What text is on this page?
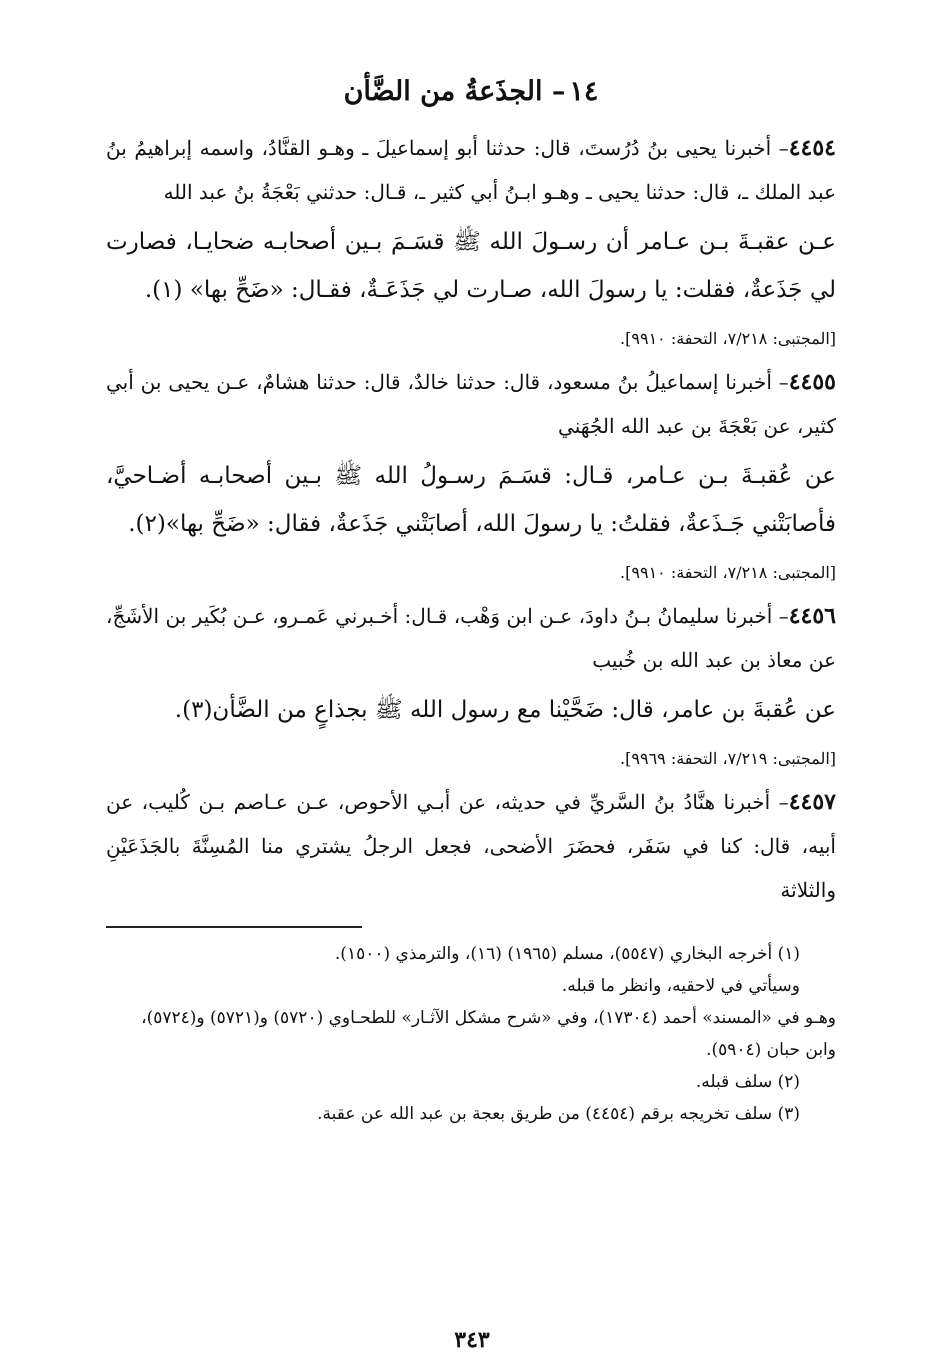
١٤– الجذَعةُ من الضَّأن

٤٤٥٤– أخبرنا يحيى بنُ دُرُستَ، قال: حدثنا أبو إسماعيلَ ـ وهـو القنَّادُ، واسمه إبراهيمُ بنُ عبد الملك ـ، قال: حدثنا يحيى ـ وهـو ابـنُ أبي كثير ـ، قـال: حدثني بَعْجَةُ بنُ عبد الله

عـن عقبـةَ بـن عـامر أن رسـولَ الله ﷺ قسَـمَ بـين أصحابـه ضحايـا، فصارت لي جَذَعةٌ، فقلت: يا رسولَ الله، صـارت لي جَذَعَـةٌ، فقـال: «ضَحِّ بها» (١).

[المجتبى: ٧/٢١٨، التحفة: ٩٩١٠].

٤٤٥٥– أخبرنا إسماعيلُ بنُ مسعود، قال: حدثنا خالدٌ، قال: حدثنا هشامٌ، عـن يحيى بن أبي كثير، عن بَعْجَةَ بن عبد الله الجُهَني

عن عُقبـةَ بـن عـامر، قـال: قسَـمَ رسـولُ الله ﷺ بـين أصحابـه أضـاحيَّ، فأصابَتْني جَـذَعةٌ، فقلتُ: يا رسولَ الله، أصابَتْني جَذَعةٌ، فقال: «ضَحِّ بها»(٢).

[المجتبى: ٧/٢١٨، التحفة: ٩٩١٠].

٤٤٥٦– أخبرنا سليمانُ بـنُ داودَ، عـن ابن وَهْب، قـال: أخـبرني عَمـرو، عـن بُكَير بن الأشَجِّ، عن معاذ بن عبد الله بن خُبيب

عن عُقبةَ بن عامر، قال: ضَحَّيْنا مع رسول الله ﷺ بجذاعٍ من الضَّأن(٣).

[المجتبى: ٧/٢١٩، التحفة: ٩٩٦٩].

٤٤٥٧– أخبرنا هنَّادُ بنُ السَّريِّ في حديثه، عن أبـي الأحوص، عـن عـاصم بـن كُليب، عن أبيه، قال: كنا في سَفَر، فحضَرَ الأضحى، فجعل الرجلُ يشتري منا المُسِنَّةَ بالجَذَعَيْنِ والثلاثة

(١) أخرجه البخاري (٥٥٤٧)، مسلم (١٩٦٥) (١٦)، والترمذي (١٥٠٠).
وسيأتي في لاحقيه، وانظر ما قبله.
وهـو في «المسند» أحمد (١٧٣٠٤)، وفي «شرح مشكل الآثـار» للطحـاوي (٥٧٢٠) و(٥٧٢١) و(٥٧٢٤)، وابن حبان (٥٩٠٤).
(٢) سلف قبله.
(٣) سلف تخريجه برقم (٤٤٥٤) من طريق بعجة بن عبد الله عن عقبة.
٣٤٣
